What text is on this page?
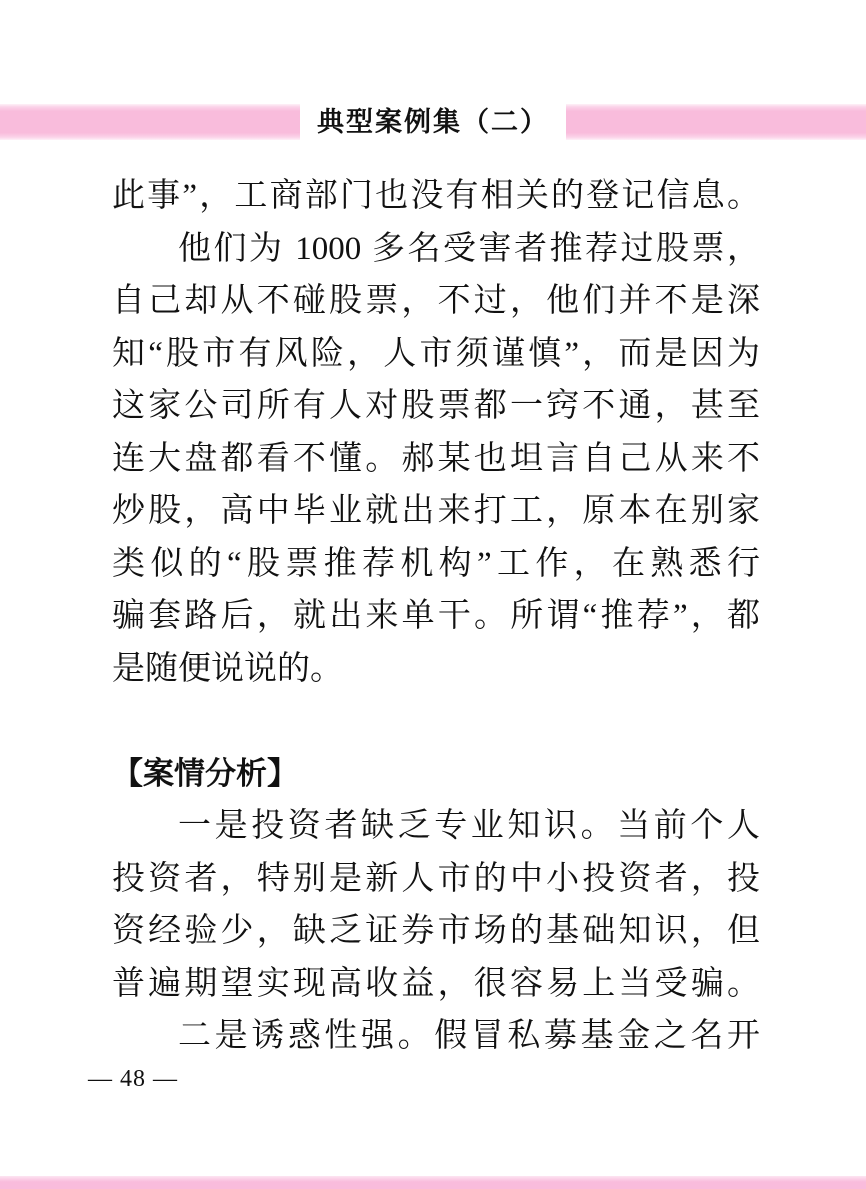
典型案例集（二）
此事”，工商部门也没有相关的登记信息。
他们为 1000 多名受害者推荐过股票，
自己却从不碰股票，不过，他们并不是深
知“股市有风险，人市须谨慎”，而是因为
这家公司所有人对股票都一窍不通，甚至
连大盘都看不懂。郝某也坦言自己从来不
炒股，高中毕业就出来打工，原本在别家
类似的“股票推荐机构”工作，在熟悉行
骗套路后，就出来单干。所谓“推荐”，都
是随便说说的。
【案情分析】
一是投资者缺乏专业知识。当前个人
投资者，特别是新人市的中小投资者，投
资经验少，缺乏证券市场的基础知识，但
普遍期望实现高收益，很容易上当受骗。
二是诱惑性强。假冒私募基金之名开
— 48 —
